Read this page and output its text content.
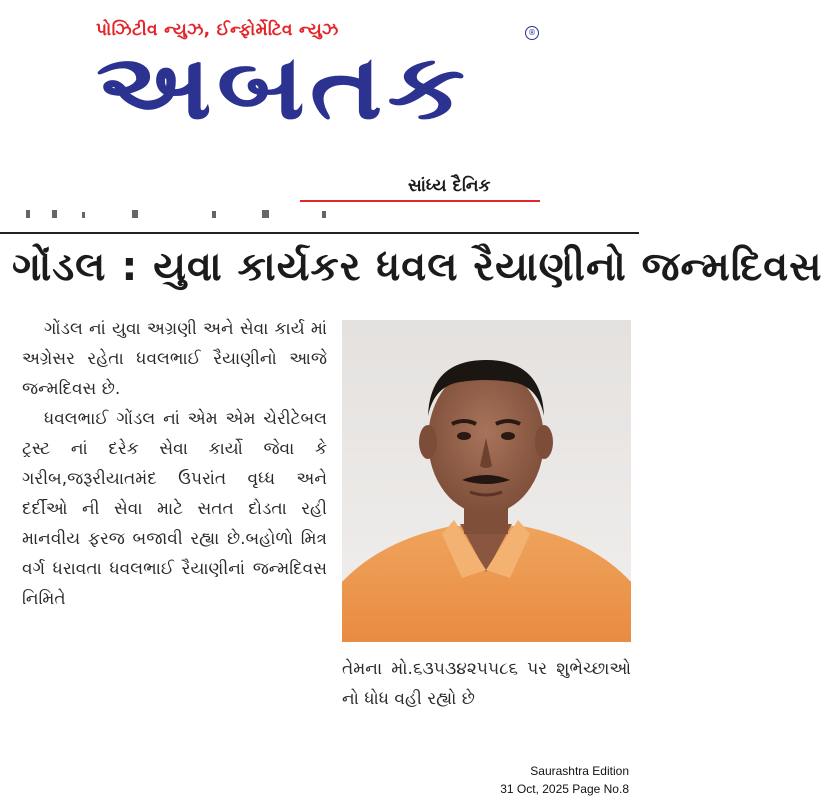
પોઝિટીવ ન્યુઝ, ઈન્ફોર્મેટિવ ન્યુઝ	®
અબતક
સાંધ્ય દૈનિક
ગોંડલ : યુવા કાર્યકર ધવલ રૈયાણીનો જન્મદિવસ

ગોંડલ નાં યુવા અગ્રણી અને સેવા કાર્ય માં અગ્રેસર રહેતા ધવલભાઈ રૈયાણીનો આજે જન્મદિવસ છે.

ધવલભાઈ ગોંડલ નાં એમ એમ ચેરીટેબલ ટ્રસ્ટ નાં દરેક સેવા કાર્યો જેવા કે ગરીબ,જરૂરીયાતમંદ ઉપરાંત વૃધ્ધ અને દર્દીઓ ની સેવા માટે સતત દોડતા રહી માનવીય ફરજ બજાવી રહ્યા છે.બહોળો મિત્ર વર્ગ ધરાવતા ધવલભાઈ રૈયાણીનાં જન્મદિવસ નિમિતે

તેમના મો.૬૩૫૩૪૨૫૫૮૬ પર શુભેચ્છાઓ નો ધોધ વહી રહ્યો છે
Saurashtra Edition
31 Oct, 2025 Page No.8
